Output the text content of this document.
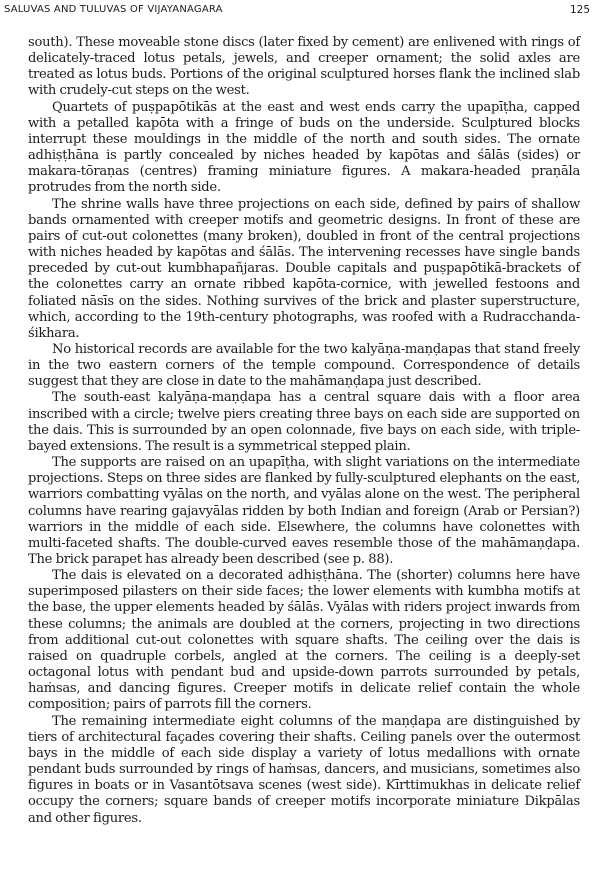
SALUVAS AND TULUVAS OF VIJAYANAGARA	125

south). These moveable stone discs (later fixed by cement) are enlivened with rings of delicately-traced lotus petals, jewels, and creeper ornament; the solid axles are treated as lotus buds. Portions of the original sculptured horses flank the inclined slab with crudely-cut steps on the west.

Quartets of puṣpapōtikās at the east and west ends carry the upapīṭha, capped with a petalled kapōta with a fringe of buds on the underside. Sculptured blocks interrupt these mouldings in the middle of the north and south sides. The ornate adhiṣṭhāna is partly concealed by niches headed by kapōtas and śālās (sides) or makara-tōraṇas (centres) framing miniature figures. A makara-headed praṇāla protrudes from the north side.

The shrine walls have three projections on each side, defined by pairs of shallow bands ornamented with creeper motifs and geometric designs. In front of these are pairs of cut-out colonettes (many broken), doubled in front of the central projections with niches headed by kapōtas and śālās. The intervening recesses have single bands preceded by cut-out kumbhapañjaras. Double capitals and puṣpapōtikā-brackets of the colonettes carry an ornate ribbed kapōta-cornice, with jewelled festoons and foliated nāsīs on the sides. Nothing survives of the brick and plaster superstructure, which, according to the 19th-century photographs, was roofed with a Rudracchanda-śikhara.

No historical records are available for the two kalyāṇa-maṇḍapas that stand freely in the two eastern corners of the temple compound. Correspondence of details suggest that they are close in date to the mahāmaṇḍapa just described.

The south-east kalyāṇa-maṇḍapa has a central square dais with a floor area inscribed with a circle; twelve piers creating three bays on each side are supported on the dais. This is surrounded by an open colonnade, five bays on each side, with triple-bayed extensions. The result is a symmetrical stepped plain.

The supports are raised on an upapīṭha, with slight variations on the intermediate projections. Steps on three sides are flanked by fully-sculptured elephants on the east, warriors combatting vyālas on the north, and vyālas alone on the west. The peripheral columns have rearing gajavyālas ridden by both Indian and foreign (Arab or Persian?) warriors in the middle of each side. Elsewhere, the columns have colonettes with multi-faceted shafts. The double-curved eaves resemble those of the mahāmaṇḍapa. The brick parapet has already been described (see p. 88).

The dais is elevated on a decorated adhiṣṭhāna. The (shorter) columns here have superimposed pilasters on their side faces; the lower elements with kumbha motifs at the base, the upper elements headed by śālās. Vyālas with riders project inwards from these columns; the animals are doubled at the corners, projecting in two directions from additional cut-out colonettes with square shafts. The ceiling over the dais is raised on quadruple corbels, angled at the corners. The ceiling is a deeply-set octagonal lotus with pendant bud and upside-down parrots surrounded by petals, haṁsas, and dancing figures. Creeper motifs in delicate relief contain the whole composition; pairs of parrots fill the corners.

The remaining intermediate eight columns of the maṇḍapa are distinguished by tiers of architectural façades covering their shafts. Ceiling panels over the outermost bays in the middle of each side display a variety of lotus medallions with ornate pendant buds surrounded by rings of haṁsas, dancers, and musicians, sometimes also figures in boats or in Vasantōtsava scenes (west side). Kīrttimukhas in delicate relief occupy the corners; square bands of creeper motifs incorporate miniature Dikpālas and other figures.
